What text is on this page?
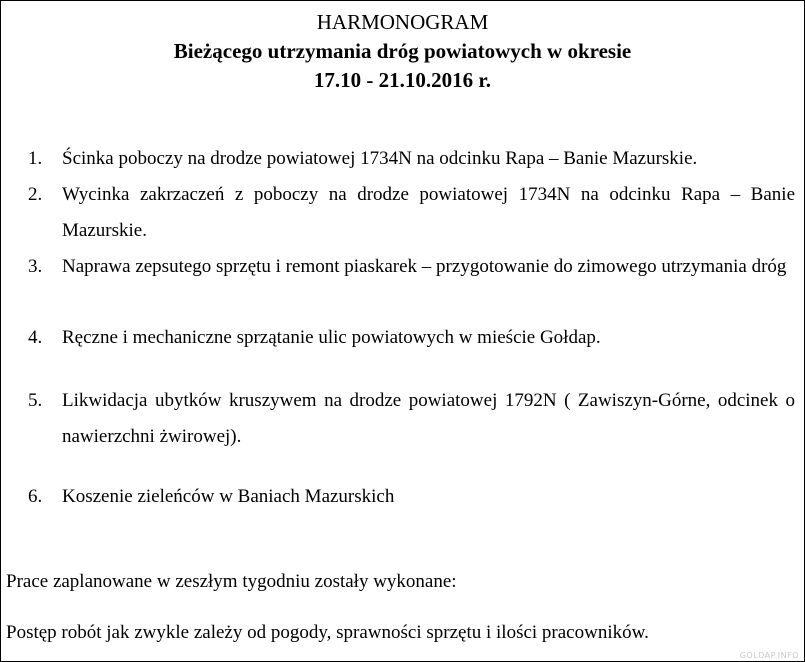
HARMONOGRAM
Bieżącego utrzymania dróg powiatowych w okresie
17.10 - 21.10.2016 r.
1.	Ścinka poboczy na drodze powiatowej 1734N na odcinku Rapa – Banie Mazurskie.
2.	Wycinka zakrzaczeń z poboczy na drodze powiatowej 1734N na odcinku Rapa – Banie Mazurskie.
3.	Naprawa zepsutego sprzętu i remont piaskarek – przygotowanie do zimowego utrzymania dróg
4.	Ręczne i mechaniczne sprzątanie ulic powiatowych w mieście Gołdap.
5.	Likwidacja ubytków kruszywem na drodze powiatowej 1792N ( Zawiszyn-Górne, odcinek o nawierzchni żwirowej).
6.	Koszenie zieleńców w Baniach Mazurskich
Prace zaplanowane w zeszłym tygodniu zostały wykonane:
Postęp robót jak zwykle zależy od pogody, sprawności sprzętu i ilości pracowników.
GOLDAP.INFO
